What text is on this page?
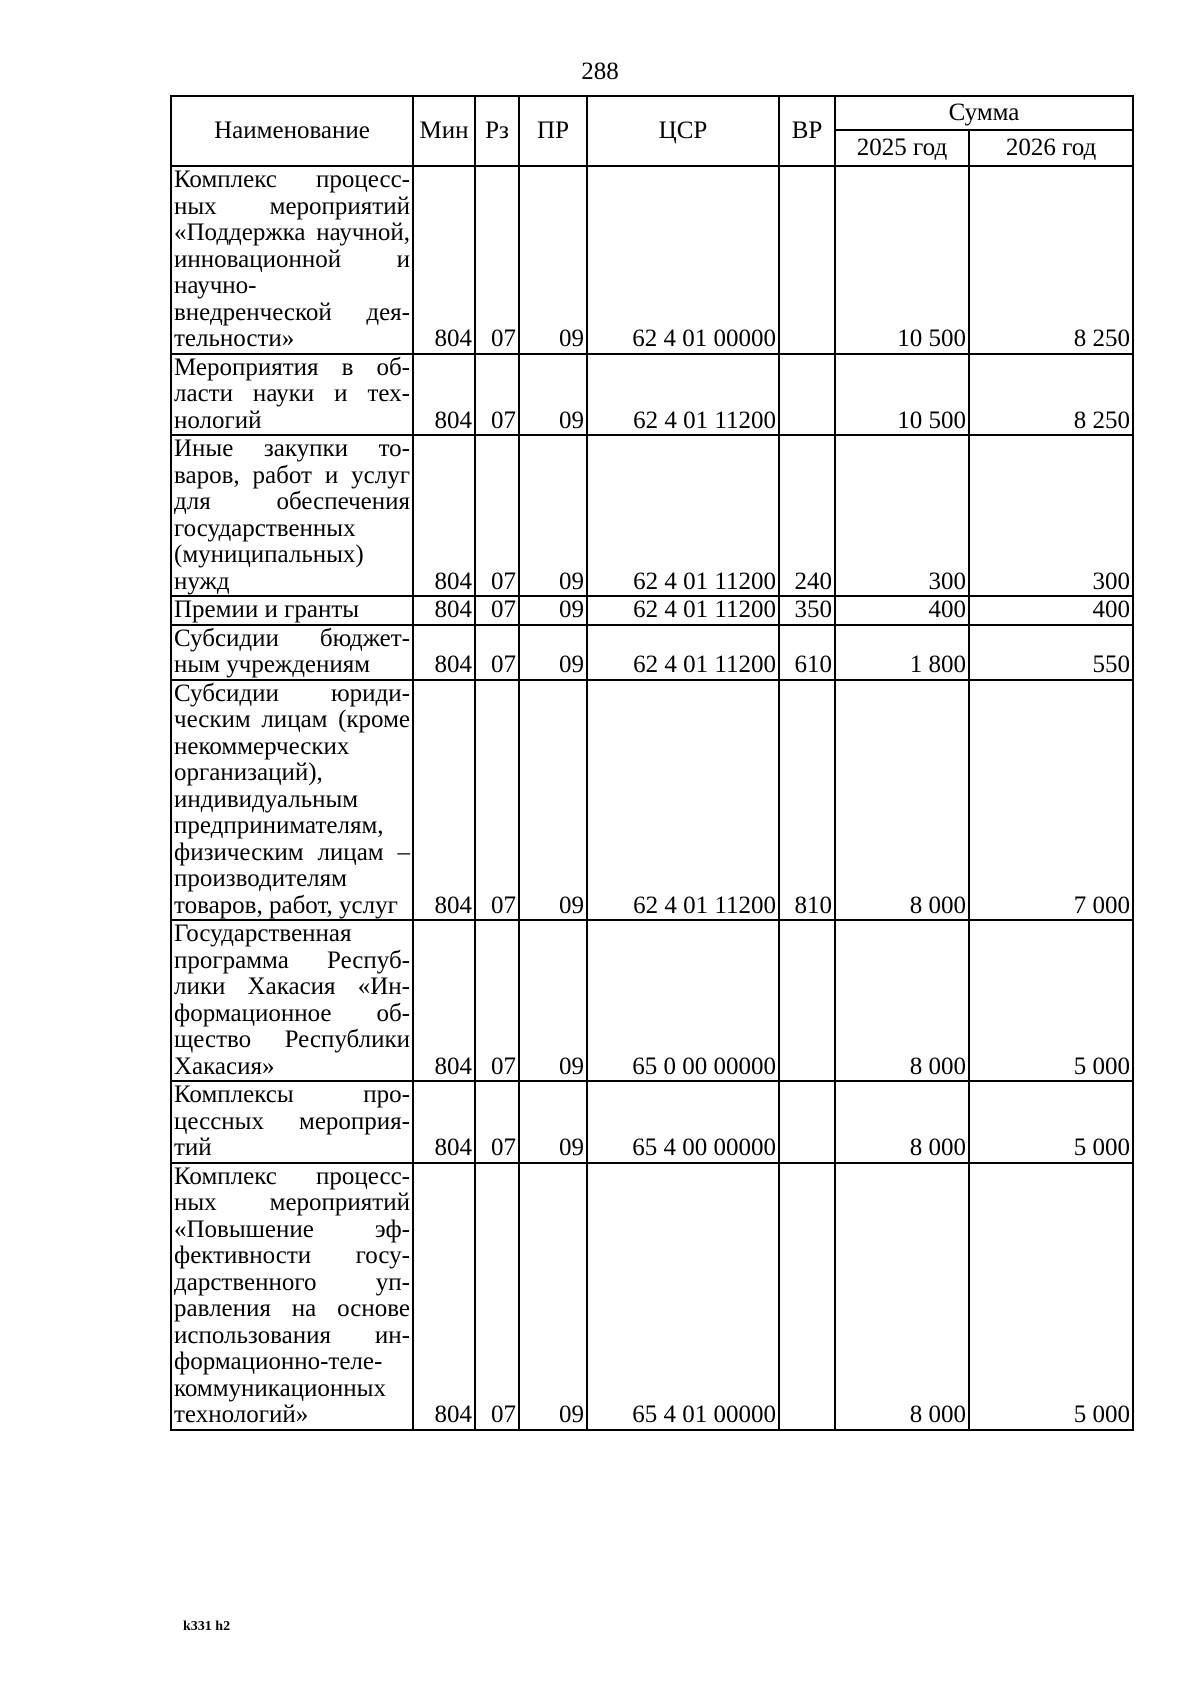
288
Наименование	Мин	Рз	ПР	ЦСР	ВР	Сумма	
						2025 год	2026 год
Комплекс процессных мероприятий «Поддержка научной, инновационной и научно-внедренческой деятельности»	804	07	09	62 4 01 00000		10 500	8 250
Мероприятия в области науки и технологий	804	07	09	62 4 01 11200		10 500	8 250
Иные закупки товаров, работ и услуг для обеспечения государственных (муниципальных) нужд	804	07	09	62 4 01 11200	240	300	300
Премии и гранты	804	07	09	62 4 01 11200	350	400	400
Субсидии бюджетным учреждениям	804	07	09	62 4 01 11200	610	1 800	550
Субсидии юридическим лицам (кроме некоммерческих организаций), индивидуальным предпринимателям, физическим лицам – производителям товаров, работ, услуг	804	07	09	62 4 01 11200	810	8 000	7 000
Государственная программа Республики Хакасия «Информационное общество Республики Хакасия»	804	07	09	65 0 00 00000		8 000	5 000
Комплексы процессных мероприятий	804	07	09	65 4 00 00000		8 000	5 000
Комплекс процессных мероприятий «Повышение эффективности государственного управления на основе использования информационно-телекоммуникационных технологий»	804	07	09	65 4 01 00000		8 000	5 000
k331 h2
